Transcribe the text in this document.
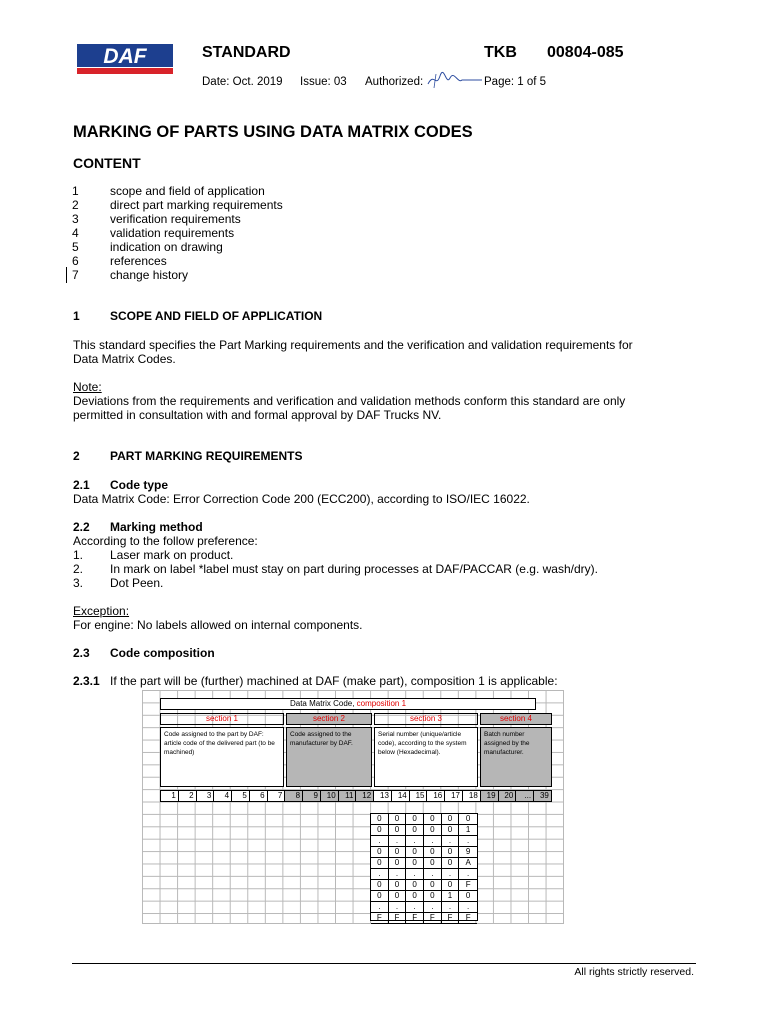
DAF	STANDARD	TKB 00804-085
Date: Oct. 2019 Issue: 03 Authorized:	Page: 1 of 5
MARKING OF PARTS USING DATA MATRIX CODES
CONTENT
1	scope and field of application
2	direct part marking requirements
3	verification requirements
4	validation requirements
5	indication on drawing
6	references
7	change history
1	SCOPE AND FIELD OF APPLICATION
This standard specifies the Part Marking requirements and the verification and validation requirements for
Data Matrix Codes.
Note:
Deviations from the requirements and verification and validation methods conform this standard are only
permitted in consultation with and formal approval by DAF Trucks NV.
2	PART MARKING REQUIREMENTS
2.1 Code type
Data Matrix Code: Error Correction Code 200 (ECC200), according to ISO/IEC 16022.
2.2 Marking method
According to the follow preference:
1. Laser mark on product.
2. In mark on label *label must stay on part during processes at DAF/PACCAR (e.g. wash/dry).
3. Dot Peen.
Exception:
For engine: No labels allowed on internal components.
2.3 Code composition
2.3.1 If the part will be (further) machined at DAF (make part), composition 1 is applicable:
Data Matrix Code, composition 1
section 1	section 2	section 3	section 4
Code assigned to the part by DAF: article code of the delivered part (to be machined)
Code assigned to the manufacturer by DAF.
Serial number (unique/article code), according to the system below (Hexadecimal).
Batch number assigned by the manufacturer.
1	2	3	4	5	6	7	8	9	10	11	12	13	14	15	16	17	18	19	20	...	39
0	0	0	0	0	0
0	0	0	0	0	1
.	.	.	.	.	.
0	0	0	0	0	9
0	0	0	0	0	A
.	.	.	.	.	.
0	0	0	0	0	F
0	0	0	0	1	0
.	.	.	.	.	.
F	F	F	F	F	F
All rights strictly reserved.
